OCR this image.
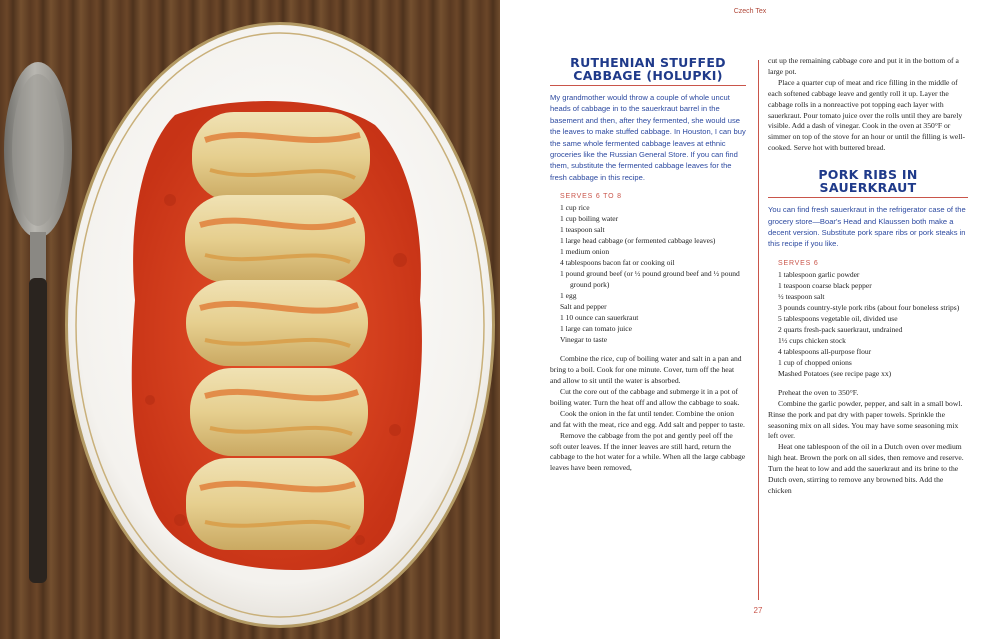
Czech Tex
27
RUTHENIAN STUFFED CABBAGE (HOLUPKI)

My grandmother would throw a couple of whole uncut heads of cabbage in to the sauerkraut barrel in the basement and then, after they fermented, she would use the leaves to make stuffed cabbage. In Houston, I can buy the same whole fermented cabbage leaves at ethnic groceries like the Russian General Store. If you can find them, substitute the fermented cabbage leaves for the fresh cabbage in this recipe.

SERVES 6 TO 8
1 cup rice
1 cup boiling water
1 teaspoon salt
1 large head cabbage (or fermented cabbage leaves)
1 medium onion
4 tablespoons bacon fat or cooking oil
1 pound ground beef (or ½ pound ground beef and ½ pound ground pork)
1 egg
Salt and pepper
1 10 ounce can sauerkraut
1 large can tomato juice
Vinegar to taste

Combine the rice, cup of boiling water and salt in a pan and bring to a boil. Cook for one minute. Cover, turn off the heat and allow to sit until the water is absorbed.

Cut the core out of the cabbage and submerge it in a pot of boiling water. Turn the heat off and allow the cabbage to soak.

Cook the onion in the fat until tender. Combine the onion and fat with the meat, rice and egg. Add salt and pepper to taste.

Remove the cabbage from the pot and gently peel off the soft outer leaves. If the inner leaves are still hard, return the cabbage to the hot water for a while. When all the large cabbage leaves have been removed,

cut up the remaining cabbage core and put it in the bottom of a large pot.

Place a quarter cup of meat and rice filling in the middle of each softened cabbage leave and gently roll it up. Layer the cabbage rolls in a nonreactive pot topping each layer with sauerkraut. Pour tomato juice over the rolls until they are barely visible. Add a dash of vinegar. Cook in the oven at 350°F or simmer on top of the stove for an hour or until the filling is well-cooked. Serve hot with buttered bread.

PORK RIBS IN SAUERKRAUT

You can find fresh sauerkraut in the refrigerator case of the grocery store—Boar's Head and Klaussen both make a decent version. Substitute pork spare ribs or pork steaks in this recipe if you like.

SERVES 6
1 tablespoon garlic powder
1 teaspoon coarse black pepper
½ teaspoon salt
3 pounds country-style pork ribs (about four boneless strips)
5 tablespoons vegetable oil, divided use
2 quarts fresh-pack sauerkraut, undrained
1½ cups chicken stock
4 tablespoons all-purpose flour
1 cup of chopped onions
Mashed Potatoes (see recipe page xx)

Preheat the oven to 350°F.

Combine the garlic powder, pepper, and salt in a small bowl. Rinse the pork and pat dry with paper towels. Sprinkle the seasoning mix on all sides. You may have some seasoning mix left over.

Heat one tablespoon of the oil in a Dutch oven over medium high heat. Brown the pork on all sides, then remove and reserve. Turn the heat to low and add the sauerkraut and its brine to the Dutch oven, stirring to remove any browned bits. Add the chicken
